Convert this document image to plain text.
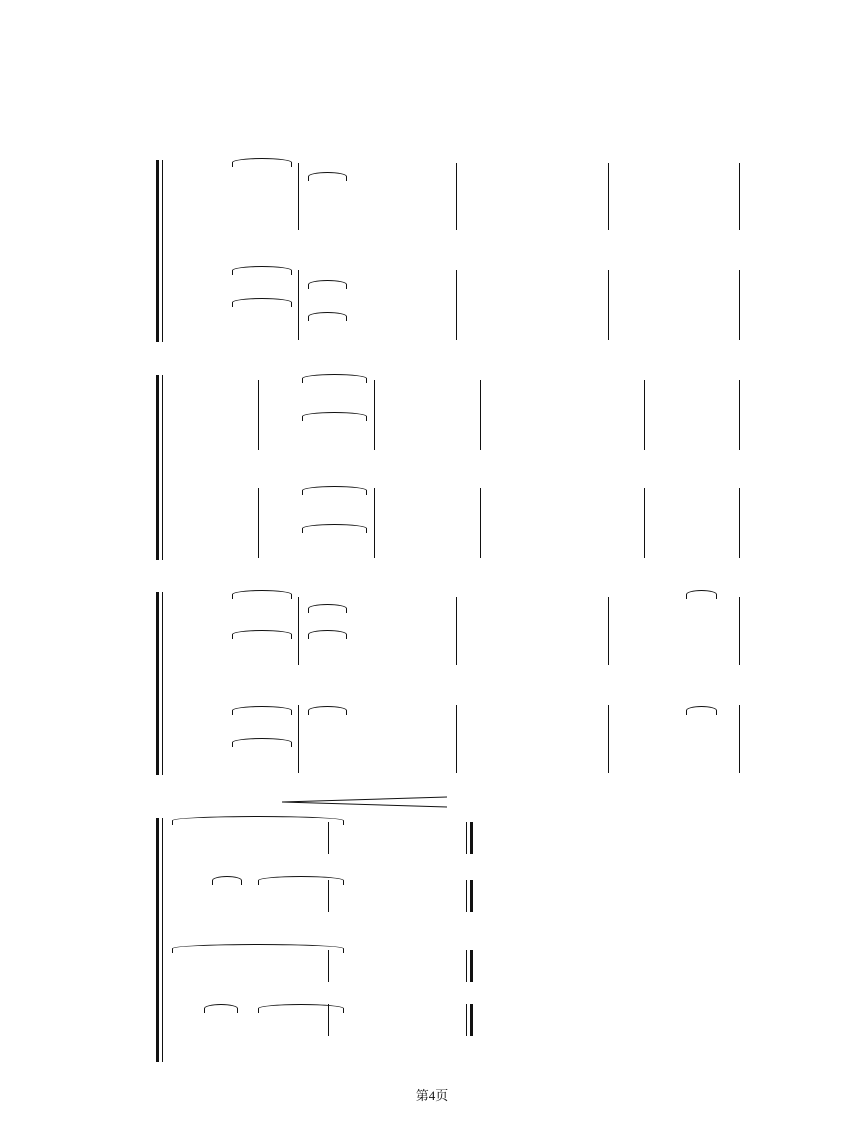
第4页
